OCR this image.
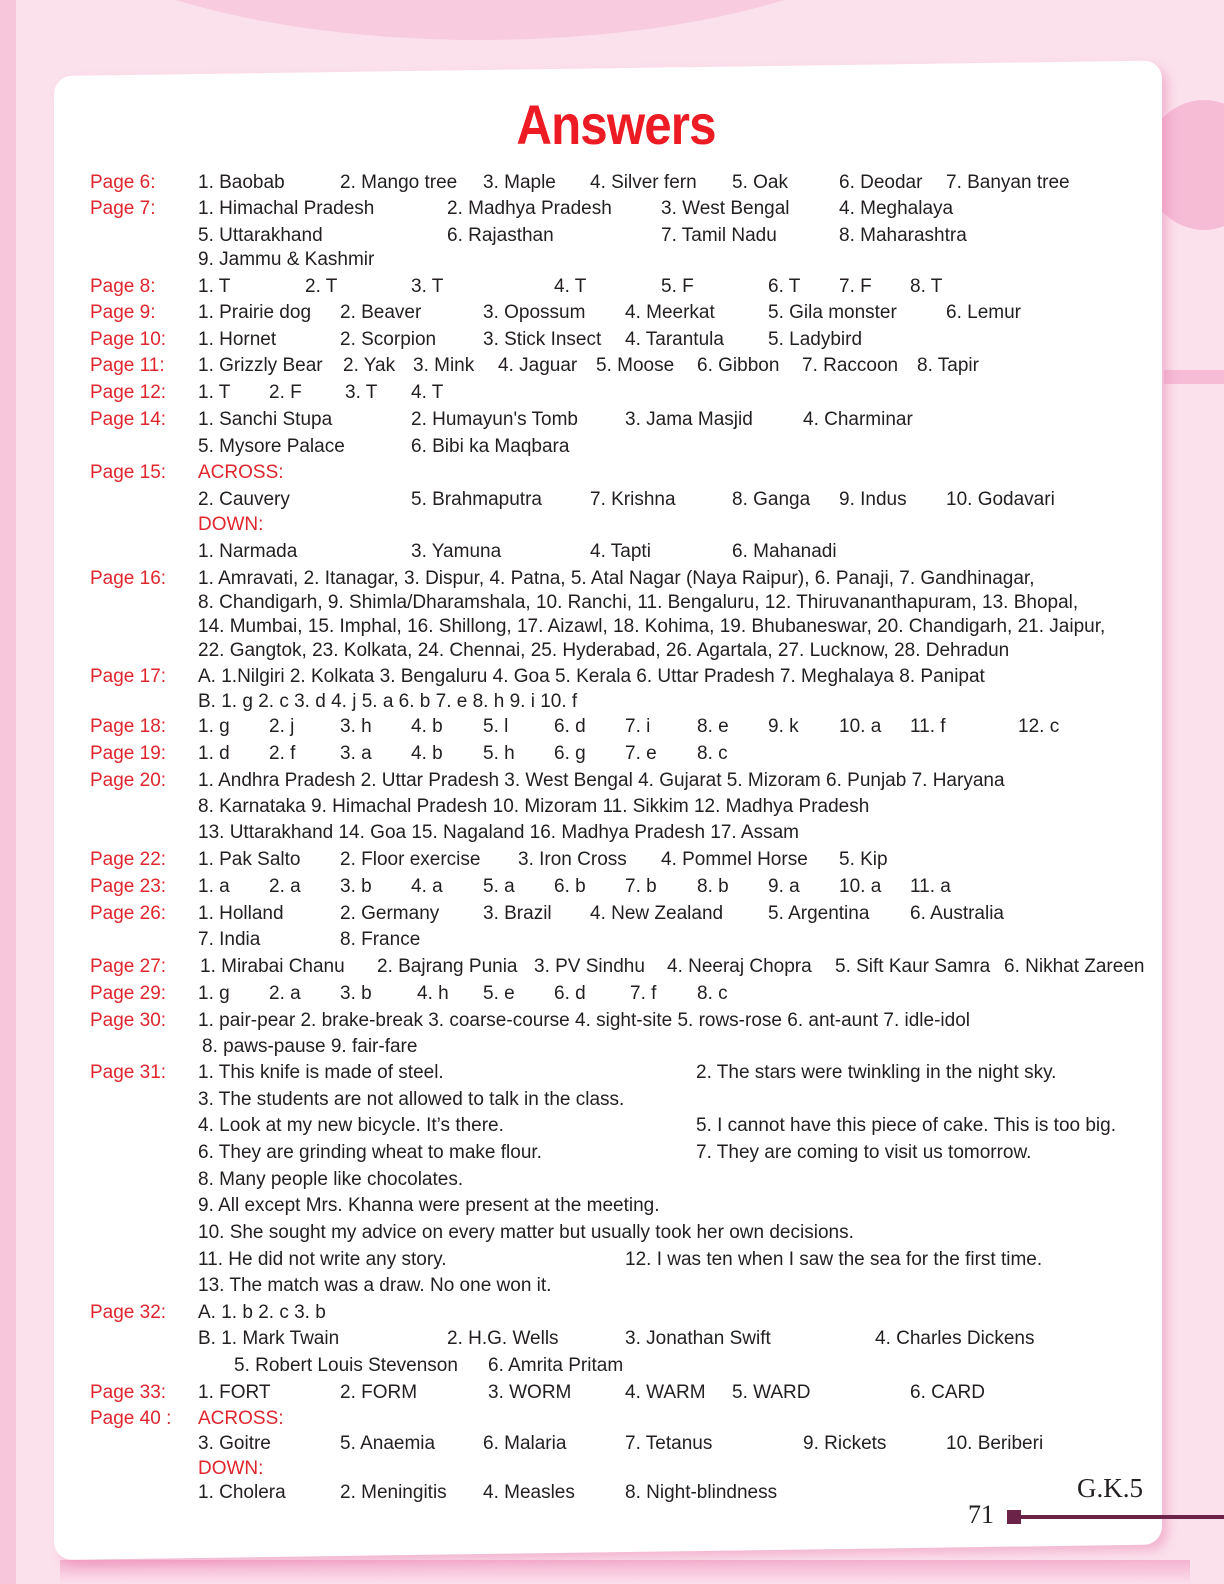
Answers
Page 6: 1. Baobab	2. Mango tree 3. Maple 4. Silver fern 5. Oak	6. Deodar 7. Banyan tree
Page 7: 1. Himachal Pradesh	2. Madhya Pradesh	3. West Bengal	4. Meghalaya
5. Uttarakhand	6. Rajasthan	7. Tamil Nadu	8. Maharashtra
9. Jammu & Kashmir
Page 8: 1. T	2. T	3. T	4. T	5. F	6. T 7. F 8. T
Page 9: 1. Prairie dog 2. Beaver	3. Opossum 4. Meerkat	5. Gila monster	6. Lemur
Page 10: 1. Hornet	2. Scorpion 3. Stick Insect 4. Tarantula 5. Ladybird
Page 11: 1. Grizzly Bear 2. Yak 3. Mink 4. Jaguar 5. Moose 6. Gibbon 7. Raccoon 8. Tapir
Page 12: 1. T 2. F 3. T 4. T
Page 14: 1. Sanchi Stupa	2. Humayun's Tomb 3. Jama Masjid	4. Charminar
5. Mysore Palace	6. Bibi ka Maqbara
Page 15: ACROSS:
2. Cauvery	5. Brahmaputra	7. Krishna	8. Ganga 9. Indus 10. Godavari
DOWN:
1. Narmada	3. Yamuna	4. Tapti	6. Mahanadi
Page 16: 1. Amravati, 2. Itanagar, 3. Dispur, 4. Patna, 5. Atal Nagar (Naya Raipur), 6. Panaji, 7. Gandhinagar,
8. Chandigarh, 9. Shimla/Dharamshala, 10. Ranchi, 11. Bengaluru, 12. Thiruvananthapuram, 13. Bhopal,
14. Mumbai, 15. Imphal, 16. Shillong, 17. Aizawl, 18. Kohima, 19. Bhubaneswar, 20. Chandigarh, 21. Jaipur,
22. Gangtok, 23. Kolkata, 24. Chennai, 25. Hyderabad, 26. Agartala, 27. Lucknow, 28. Dehradun
Page 17: A. 1.Nilgiri 2. Kolkata 3. Bengaluru 4. Goa 5. Kerala 6. Uttar Pradesh 7. Meghalaya 8. Panipat
B. 1. g 2. c 3. d 4. j 5. a 6. b 7. e 8. h 9. i 10. f
Page 18: 1. g 2. j 3. h 4. b 5. l 6. d 7. i 8. e 9. k 10. a 11. f	12. c
Page 19: 1. d 2. f 3. a 4. b 5. h 6. g 7. e 8. c
Page 20: 1. Andhra Pradesh 2. Uttar Pradesh 3. West Bengal 4. Gujarat 5. Mizoram 6. Punjab 7. Haryana
8. Karnataka 9. Himachal Pradesh 10. Mizoram 11. Sikkim 12. Madhya Pradesh
13. Uttarakhand 14. Goa 15. Nagaland 16. Madhya Pradesh 17. Assam
Page 22: 1. Pak Salto 2. Floor exercise 3. Iron Cross 4. Pommel Horse 5. Kip
Page 23: 1. a 2. a 3. b 4. a 5. a 6. b 7. b 8. b 9. a 10. a 11. a
Page 26: 1. Holland	2. Germany 3. Brazil 4. New Zealand 5. Argentina 6. Australia
7. India	8. France
Page 27: 1. Mirabai Chanu 2. Bajrang Punia 3. PV Sindhu 4. Neeraj Chopra 5. Sift Kaur Samra 6. Nikhat Zareen
Page 29: 1. g 2. a 3. b 4. h 5. e 6. d 7. f 8. c
Page 30: 1. pair-pear 2. brake-break 3. coarse-course 4. sight-site 5. rows-rose 6. ant-aunt 7. idle-idol
8. paws-pause 9. fair-fare
Page 31: 1. This knife is made of steel.	2. The stars were twinkling in the night sky.
3. The students are not allowed to talk in the class.
4. Look at my new bicycle. It’s there.	5. I cannot have this piece of cake. This is too big.
6. They are grinding wheat to make flour.	7. They are coming to visit us tomorrow.
8. Many people like chocolates.
9. All except Mrs. Khanna were present at the meeting.
10. She sought my advice on every matter but usually took her own decisions.
11. He did not write any story.	12. I was ten when I saw the sea for the first time.
13. The match was a draw. No one won it.
Page 32: A. 1. b 2. c 3. b
B. 1. Mark Twain	2. H.G. Wells	3. Jonathan Swift	4. Charles Dickens
5. Robert Louis Stevenson 6. Amrita Pritam
Page 33: 1. FORT	2. FORM	3. WORM	4. WARM 5. WARD	6. CARD
Page 40 : ACROSS:
3. Goitre	5. Anaemia	6. Malaria	7. Tetanus	9. Rickets	10. Beriberi
DOWN:
1. Cholera	2. Meningitis 4. Measles	8. Night-blindness	G.K.5
71
